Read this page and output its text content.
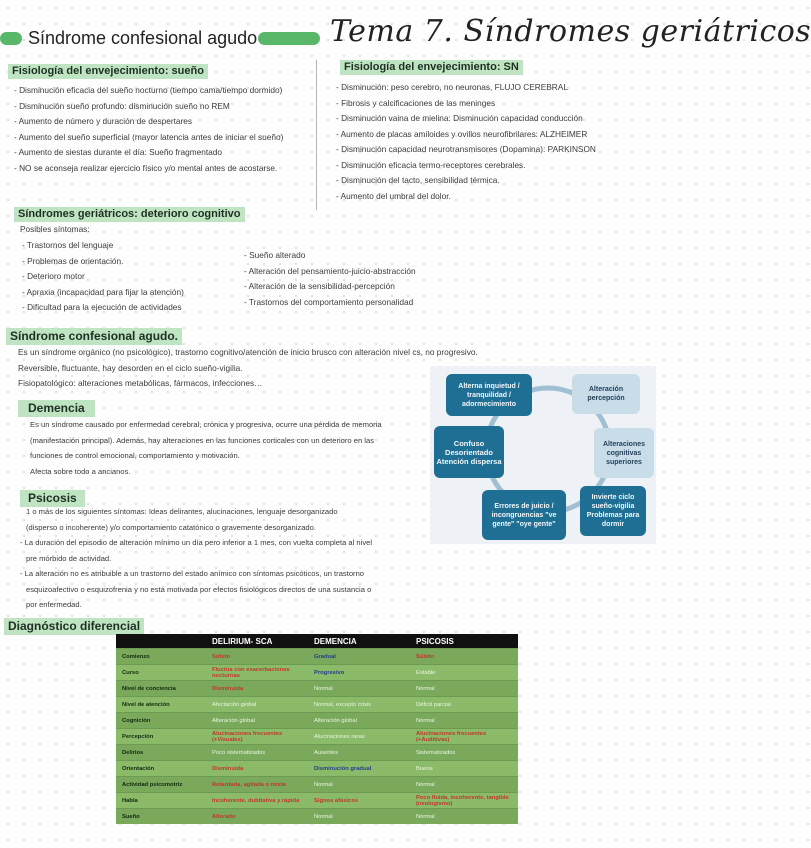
Síndrome confesional agudo Tema 7. Síndromes geriátricos
Fisiología del envejecimiento: sueño
- Disminución eficacia del sueño nocturno (tiempo cama/tiempo dormido)
- Disminución sueño profundo: disminución sueño no REM
- Aumento de número y duración de despertares
- Aumento del sueño superficial (mayor latencia antes de iniciar el sueño)
- Aumento de siestas durante el día: Sueño fragmentado
- NO se aconseja realizar ejercicio físico y/o mental antes de acostarse.
Fisiología del envejecimiento: SN
- Disminución: peso cerebro, no neuronas, FLUJO CEREBRAL
- Fibrosis y calcificaciones de las meninges
- Disminución vaina de mielina: Disminución capacidad conducción
- Aumento de placas amiloides y ovillos neurofibrilares: ALZHEIMER
- Disminución capacidad neurotransmisores (Dopamina): PARKINSON
- Disminución eficacia termo-receptores cerebrales.
- Disminución del tacto, sensibilidad térmica.
- Aumento del umbral del dolor.
Síndromes geriátricos: deterioro cognitivo
Posibles síntomas:
- Trastornos del lenguaje
- Problemas de orientación.
- Deterioro motor
- Apraxia (incapacidad para fijar la atención)
- Dificultad para la ejecución de actividades
- Sueño alterado
- Alteración del pensamiento-juicio-abstracción
- Alteración de la sensibilidad-percepción
- Trastornos del comportamiento personalidad
Síndrome confesional agudo.
Es un síndrome orgánico (no psicológico), trastorno cognitivo/atención de inicio brusco con alteración nivel cs, no progresivo.
Reversible, fluctuante, hay desorden en el ciclo sueño-vigilia.
Fisiopatológico: alteraciones metabólicas, fármacos, infecciones…
Demencia
Es un síndrome causado por enfermedad cerebral, crónica y progresiva, ocurre una pérdida de memoria
(manifestación principal). Además, hay alteraciones en las funciones corticales con un deterioro en las
funciones de control emocional, comportamiento y motivación.
Afecta sobre todo a ancianos.
Psicosis
1 o más de los siguientes síntomas: Ideas delirantes, alucinaciones, lenguaje desorganizado
(disperso o incoherente) y/o comportamiento catatónico o gravemente desorganizado.
- La duración del episodio de alteración mínimo un día pero inferior a 1 mes, con vuelta completa al nivel
pre mórbido de actividad.
- La alteración no es atribuible a un trastorno del estado anímico con síntomas psicóticos, un trastorno
esquizoafectivo o esquizofrenia y no está motivada por efectos fisiológicos directos de una sustancia o
por enfermedad.
Diagnóstico diferencial
Alterna inquietud / tranquilidad / adormecimiento
Alteración percepción
Alteraciones cognitivas superiores
Invierte ciclo sueño-vigilia Problemas para dormir
Errores de juicio / incongruencias "ve gente" "oye gente"
Confuso Desorientado Atención dispersa
	DELIRIUM- SCA	DEMENCIA	PSICOSIS
Comienzo	Súbito	Gradual	Súbito
Curso	Fluctúa con exacerbaciones nocturnas	Progresivo	Estable
Nivel de conciencia	Disminuida	Normal	Normal
Nivel de atención	Afectación global	Normal, excepto crisis	Déficit parcial
Cognición	Alteración global	Alteración global	Normal
Percepción	Alucinaciones frecuentes (+Visuales)	Alucinaciones raras	Alucinaciones frecuentes (+Auditivas)
Delirios	Poco sistematizados	Ausentes	Sistematizados
Orientación	Disminuida	Disminución gradual	Buena
Actividad psicomotriz	Retardada, agitada o mixta	Normal	Normal
Habla	Incoherente, dubitativa y rápida	Signos afásicos	Poco fluida, incoherente, tangible (neologismo)
Sueño	Alterado	Normal	Normal
